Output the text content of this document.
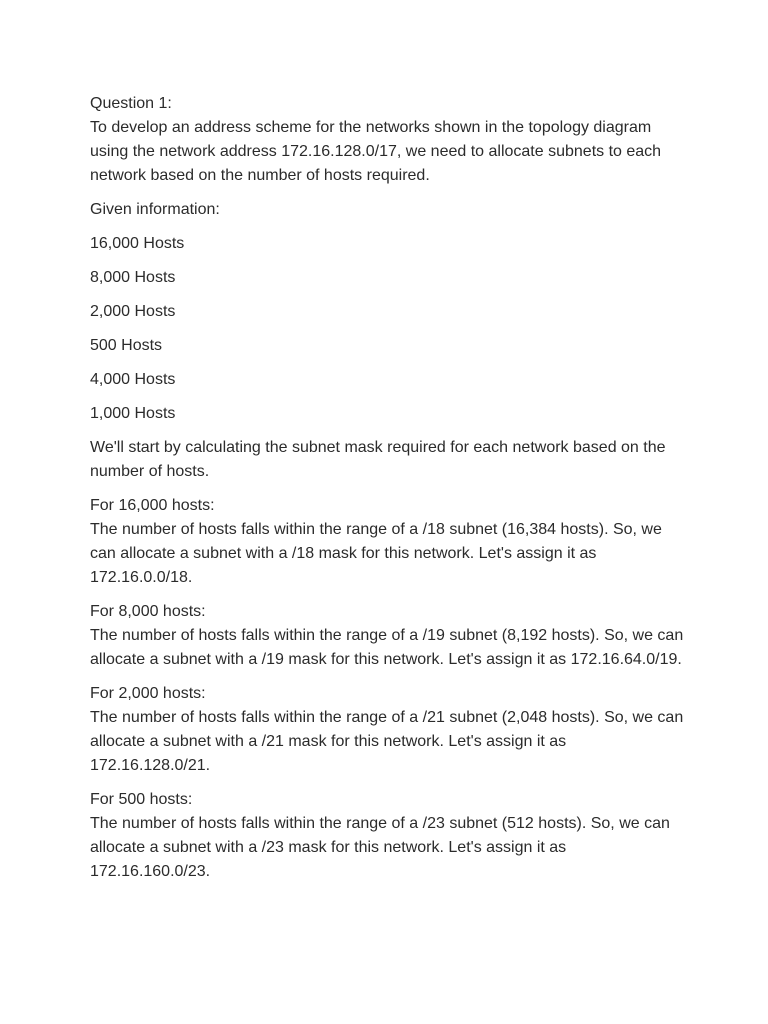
Question 1:
To develop an address scheme for the networks shown in the topology diagram using the network address 172.16.128.0/17, we need to allocate subnets to each network based on the number of hosts required.

Given information:

16,000 Hosts

8,000 Hosts

2,000 Hosts

500 Hosts

4,000 Hosts

1,000 Hosts

We'll start by calculating the subnet mask required for each network based on the number of hosts.

For 16,000 hosts:
The number of hosts falls within the range of a /18 subnet (16,384 hosts). So, we can allocate a subnet with a /18 mask for this network. Let's assign it as 172.16.0.0/18.

For 8,000 hosts:
The number of hosts falls within the range of a /19 subnet (8,192 hosts). So, we can allocate a subnet with a /19 mask for this network. Let's assign it as 172.16.64.0/19.

For 2,000 hosts:
The number of hosts falls within the range of a /21 subnet (2,048 hosts). So, we can allocate a subnet with a /21 mask for this network. Let's assign it as 172.16.128.0/21.

For 500 hosts:
The number of hosts falls within the range of a /23 subnet (512 hosts). So, we can allocate a subnet with a /23 mask for this network. Let's assign it as 172.16.160.0/23.
